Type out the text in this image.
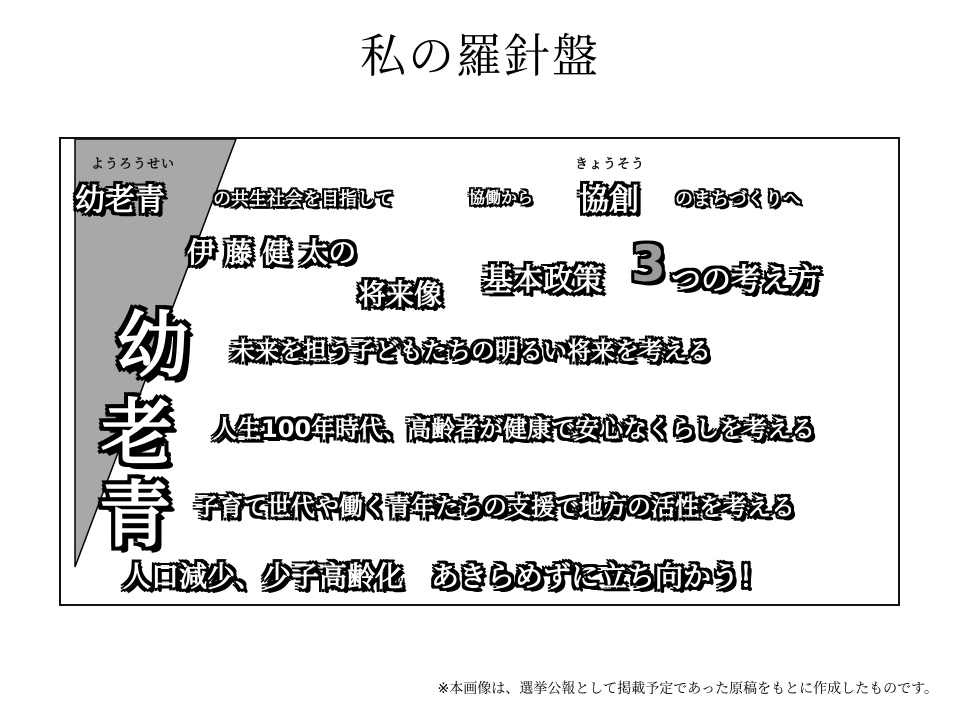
私の羅針盤
ようろうせい
幼老青	の共生社会を目指して	協働から
きょうそう
協創 のまちづくりへ
伊 藤 健 太の
将来像 基本政策 3 つの考え方
幼
老
青
未来を担う子どもたちの明るい将来を考える
人生100年時代、高齢者が健康で安心なくらしを考える
子育て世代や働く青年たちの支援で地方の活性を考える
人口減少、少子高齢化　あきらめずに立ち向かう！
※本画像は、選挙公報として掲載予定であった原稿をもとに作成したものです。
